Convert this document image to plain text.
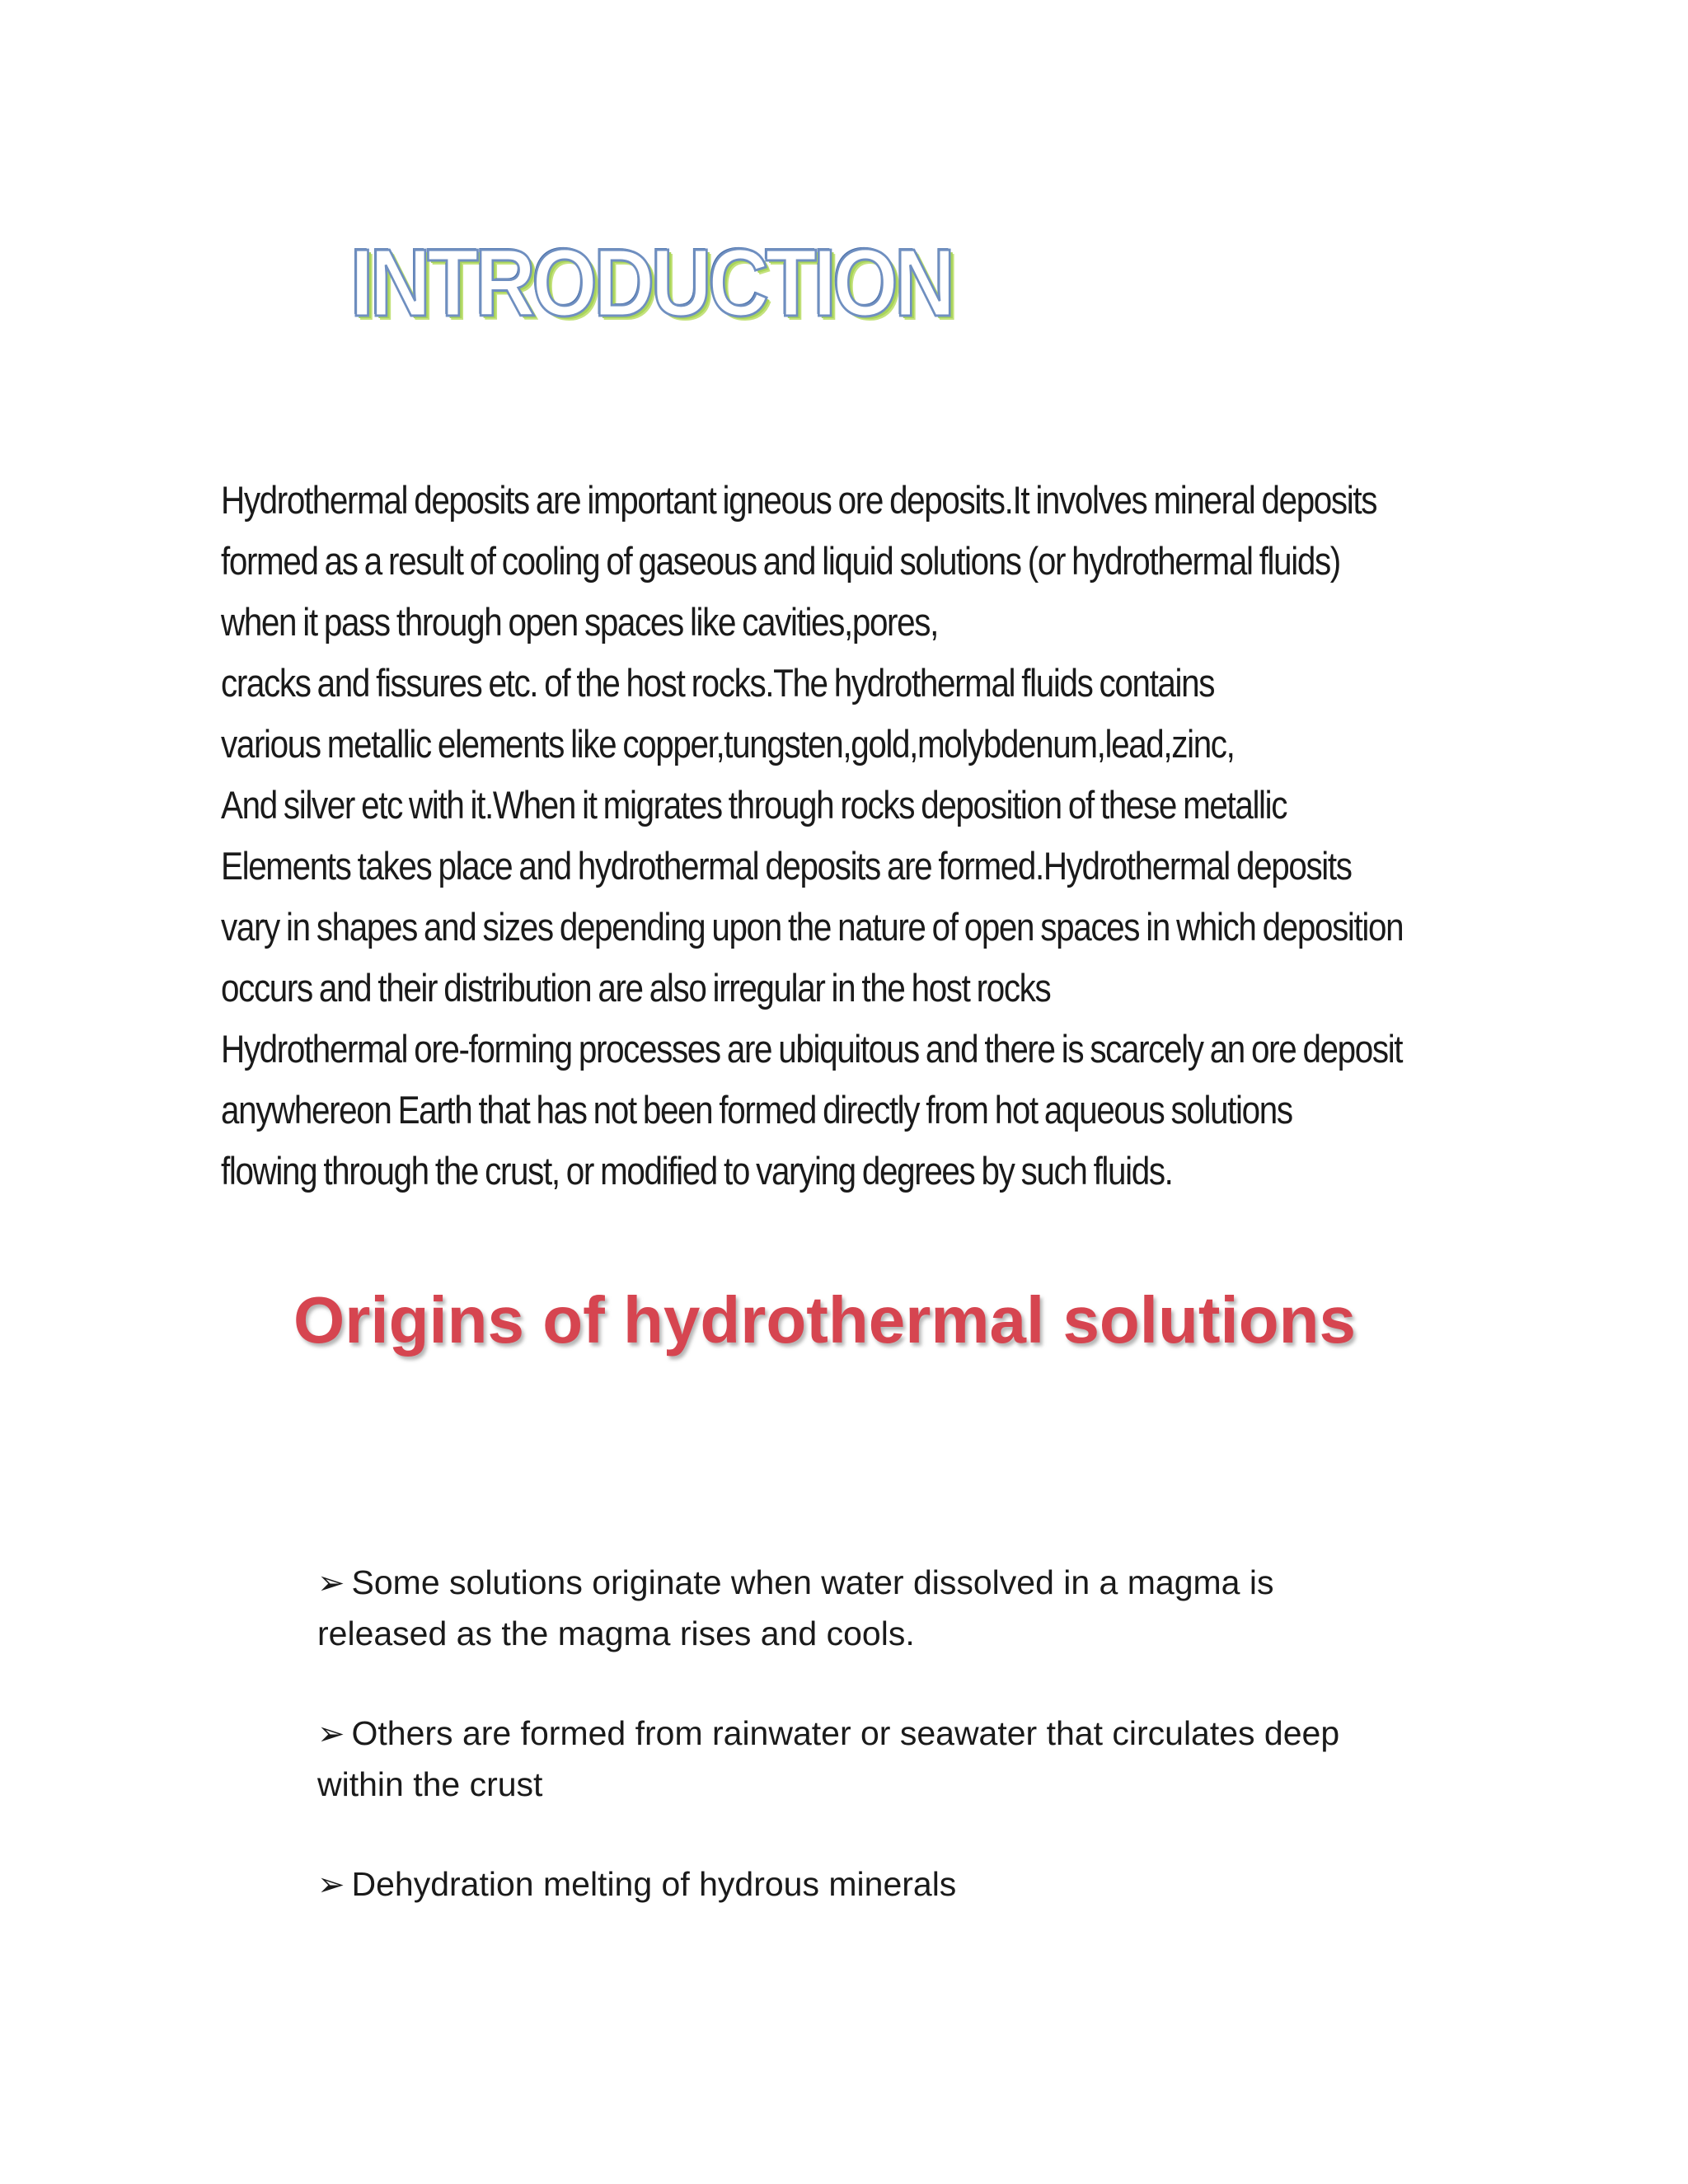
INTRODUCTION
Hydrothermal deposits are important igneous ore deposits.It involves mineral deposits
formed as a result of cooling of gaseous and liquid solutions (or hydrothermal fluids)
when it pass through open spaces like cavities,pores,
cracks and fissures etc. of the host rocks.The hydrothermal fluids contains
various metallic elements like copper,tungsten,gold,molybdenum,lead,zinc,
And silver etc with it.When it migrates through rocks deposition of these metallic
Elements takes place and hydrothermal deposits are formed.Hydrothermal deposits
vary in shapes and sizes depending upon the nature of open spaces in which deposition
occurs and their distribution are also irregular in the host rocks
Hydrothermal ore-forming processes are ubiquitous and there is scarcely an ore deposit
anywhereon Earth that has not been formed directly from hot aqueous solutions
flowing through the crust, or modified to varying degrees by such fluids.
Origins of hydrothermal solutions
➢ Some solutions originate when water dissolved in a magma is
released as the magma rises and cools.
➢ Others are formed from rainwater or seawater that circulates deep
within the crust
➢ Dehydration melting of hydrous minerals
